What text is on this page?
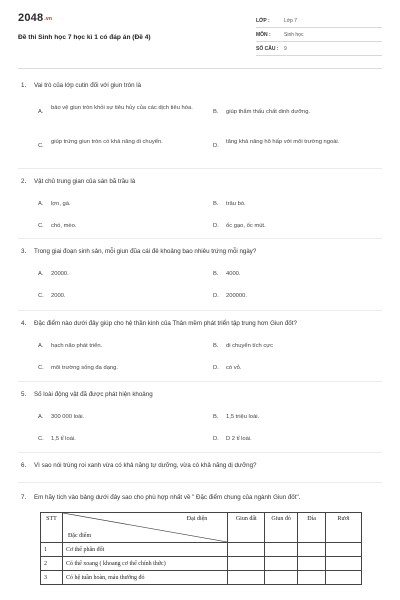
2048.vn
Đề thi Sinh học 7 học kì 1 có đáp án (Đề 4)
LỚP :	Lớp 7
MÔN :	Sinh học
SỐ CÂU :	9
1. Vai trò của lớp cutin đối với giun tròn là
A.
bảo vệ giun tròn khỏi sự tiêu hủy của các dịch tiêu hóa.
B. giúp thẩm thấu chất dinh dưỡng.
C.
giúp trứng giun tròn có khả năng di chuyển.
D.
tăng khả năng hô hấp với môi trường ngoài.
2. Vật chủ trung gian của sán bã trầu là
A. lợn, gà.	B. trâu bò.
C. chó, mèo.	D. ốc gạo, ốc mút.
3. Trong giai đoạn sinh sản, mỗi giun đũa cái đẻ khoảng bao nhiêu trứng mỗi ngày?
A. 20000.	B. 4000.
C. 2000.	D. 200000.
4. Đặc điểm nào dưới đây giúp cho hệ thần kinh của Thân mềm phát triển tập trung hơn Giun đốt?
A. hạch não phát triển.	B. di chuyển tích cực
C. môi trường sống đa dạng.	D. có vỏ.
5. Số loài động vật đã được phát hiện khoảng
A. 300 000 loài.	B. 1,5 triệu loài.
C. 1,5 tỉ loài.	D. D 2 tỉ loài.
6. Vì sao nói trùng roi xanh vừa có khả năng tự dưỡng, vừa có khả năng dị dưỡng?
7. Em hãy tích vào bảng dưới đây sao cho phù hợp nhất về " Đặc điểm chung của ngành Giun đốt".
STT	Đại diện
Đặc điểm	Giun đất	Giun đỏ	Đỉa	Rươi
1	Cơ thể phân đốt				
2	Có thể xoang ( khoang cơ thể chính thức)				
3	Có hệ tuần hoàn, máu thường đỏ				
